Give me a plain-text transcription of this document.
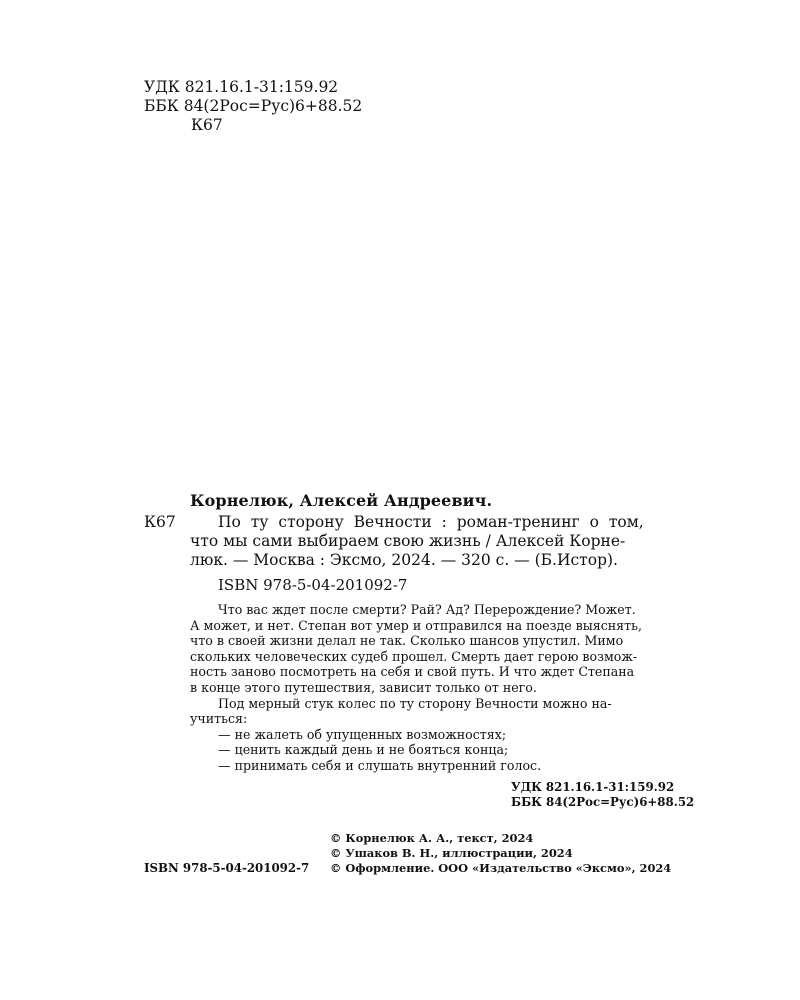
УДК 821.16.1-31:159.92
ББК 84(2Рос=Рус)6+88.52
К67
Корнелюк, Алексей Андреевич.
К67	По ту сторону Вечности : роман-тренинг о том,
что мы сами выбираем свою жизнь / Алексей Корне-
люк. — Москва : Эксмо, 2024. — 320 с. — (Б.Истор).
ISBN 978-5-04-201092-7
Что вас ждет после смерти? Рай? Ад? Перерождение? Может.
А может, и нет. Степан вот умер и отправился на поезде выяснять,
что в своей жизни делал не так. Сколько шансов упустил. Мимо
скольких человеческих судеб прошел. Смерть дает герою возмож-
ность заново посмотреть на себя и свой путь. И что ждет Степана
в конце этого путешествия, зависит только от него.
Под мерный стук колес по ту сторону Вечности можно на-
учиться:
— не жалеть об упущенных возможностях;
— ценить каждый день и не бояться конца;
— принимать себя и слушать внутренний голос.
УДК 821.16.1-31:159.92
ББК 84(2Рос=Рус)6+88.52
© Корнелюк А. А., текст, 2024
© Ушаков В. Н., иллюстрации, 2024
© Оформление. ООО «Издательство «Эксмо», 2024
ISBN 978-5-04-201092-7
